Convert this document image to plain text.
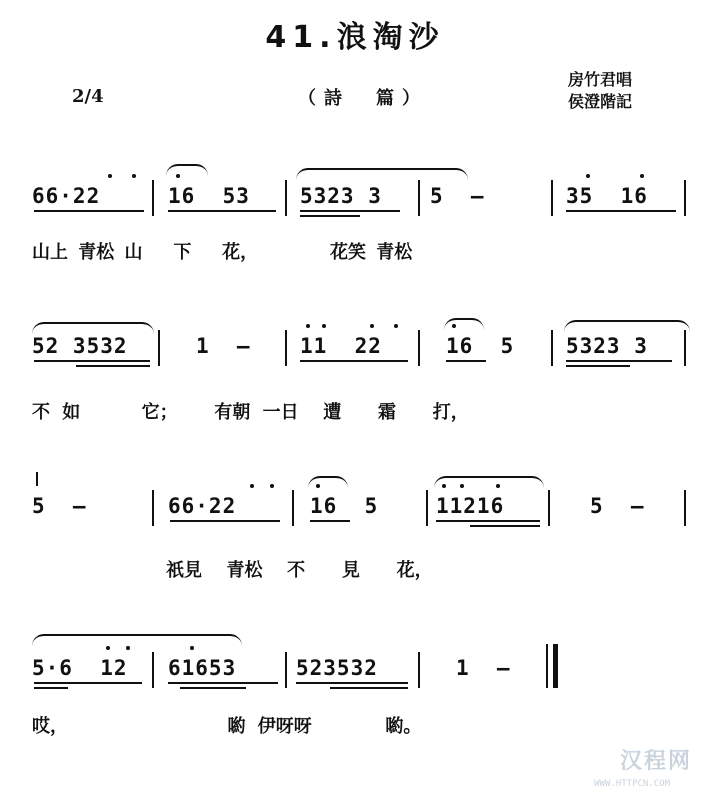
41.浪淘沙
2/4	（詩　篇）
房竹君唱
侯澄階記
66·22	16  53 5323 3 5  —	35  16
山上 青松 山   下   花，       花笑 青松
52 3532	1  — 11  22	16  5 5323 3
不 如     它；   有朝 一日  遭   霜   打，
5  —	66·22	16  5	11216	5  —
祇見  青松  不   見   花，
5·6  12 61653	523532	1  —
哎，             喲 伊呀呀      喲。
汉程网
WWW.HTTPCN.COM
